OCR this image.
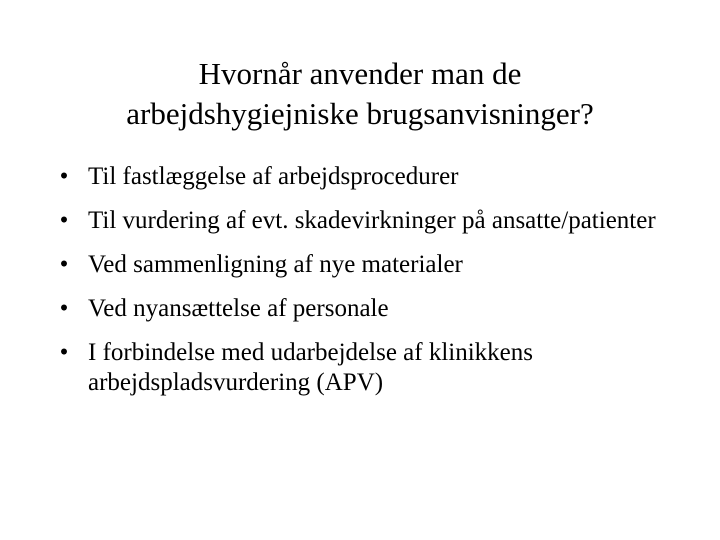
Hvornår anvender man de
arbejdshygiejniske brugsanvisninger?
• Til fastlæggelse af arbejdsprocedurer
• Til vurdering af evt. skadevirkninger på ansatte/patienter
• Ved sammenligning af nye materialer
• Ved nyansættelse af personale
• I forbindelse med udarbejdelse af klinikkens arbejdspladsvurdering (APV)
